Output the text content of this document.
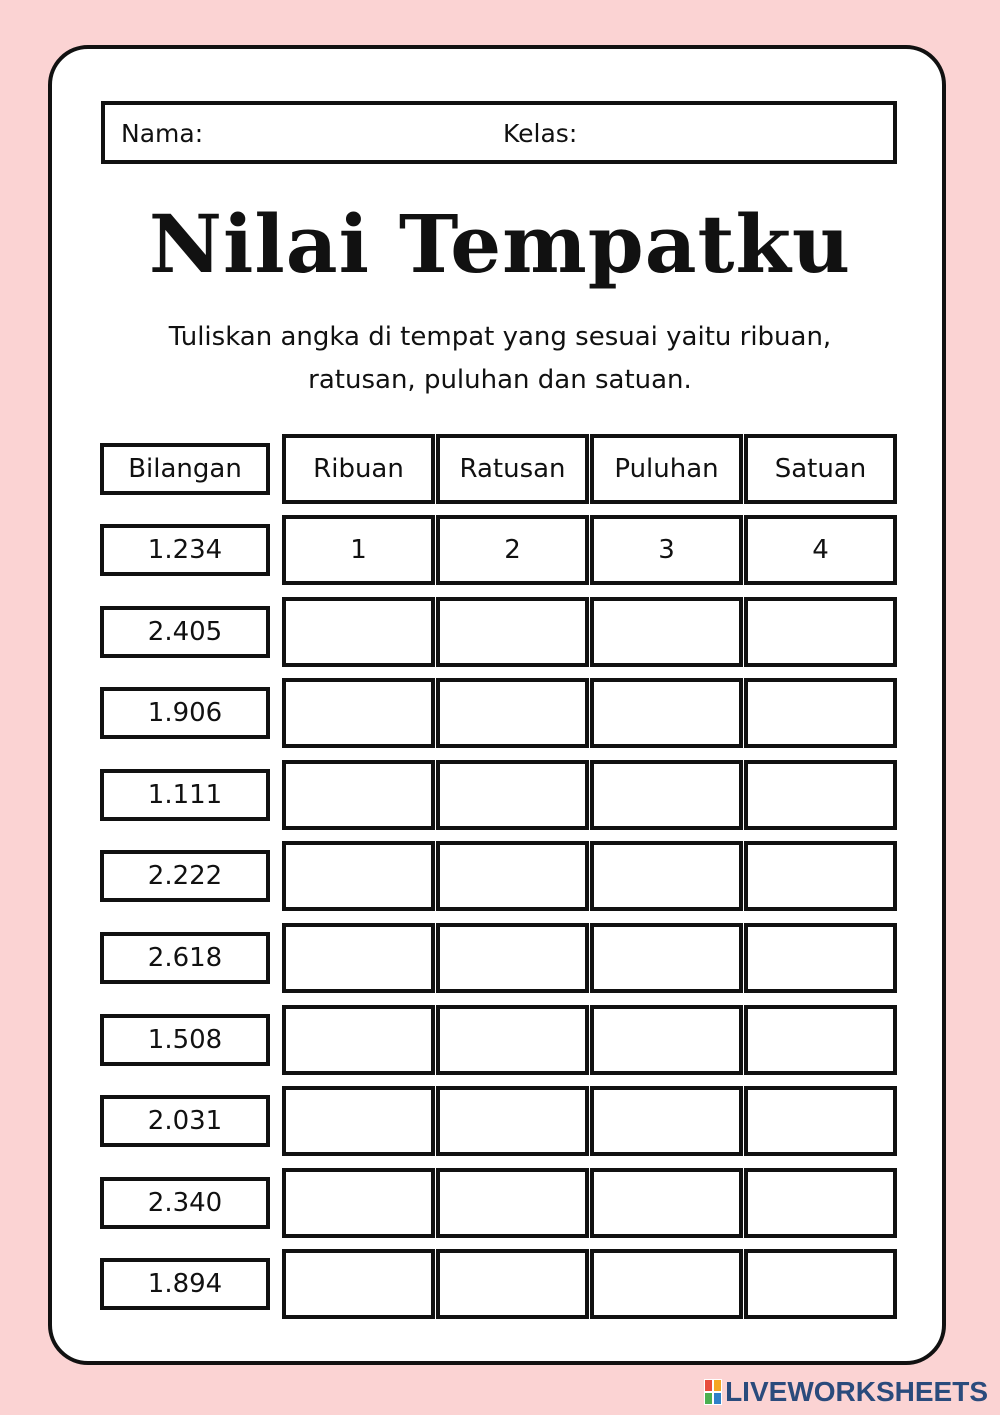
Nama:	Kelas:
Nilai Tempatku
Tuliskan angka di tempat yang sesuai yaitu ribuan,
ratusan, puluhan dan satuan.
Bilangan	Ribuan	Ratusan	Puluhan	Satuan
1.234	1	2	3	4
2.405
1.906
1.111
2.222
2.618
1.508
2.031
2.340
1.894
LIVEWORKSHEETS
